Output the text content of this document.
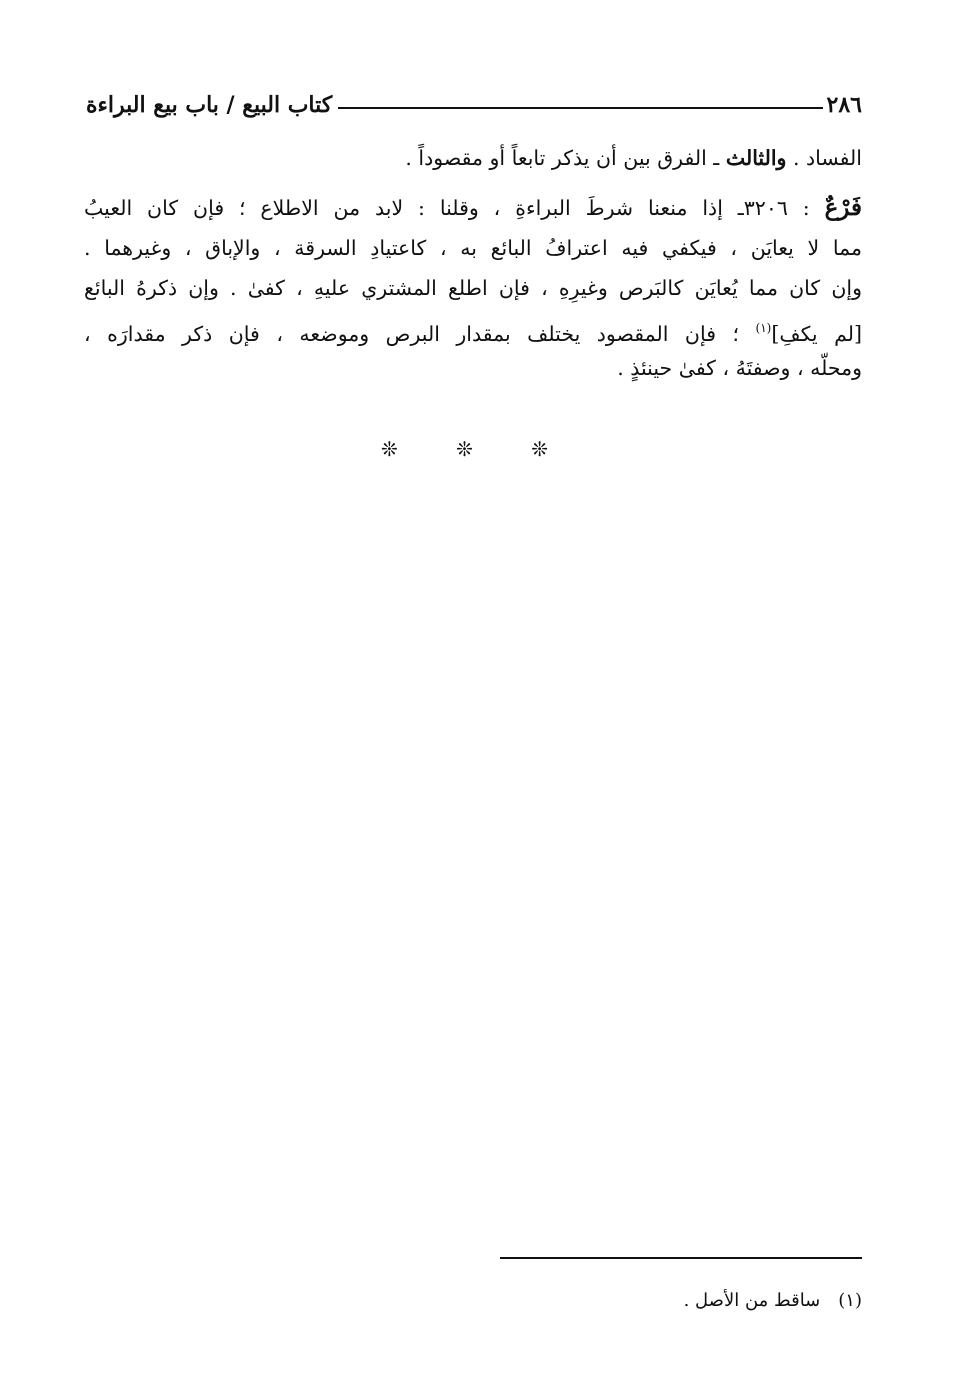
٢٨٦
كتاب البيع / باب بيع البراءة
الفساد . والثالث ـ الفرق بين أن يذكر تابعاً أو مقصوداً .
فَرْعٌ : ٣٢٠٦ـ إذا منعنا شرطَ البراءةِ ، وقلنا : لابد من الاطلاع ؛ فإن كان العيبُ
مما لا يعايَن ، فيكفي فيه اعترافُ البائع به ، كاعتيادِ السرقة ، والإباق ، وغيرهما .
وإن كان مما يُعايَن كالبَرص وغيرِهِ ، فإن اطلع المشتري عليهِ ، كفىٰ . وإن ذكرهُ البائع
[لم يكفِ]$^{(١)}$ ؛ فإن المقصود يختلف بمقدار البرص وموضعه ، فإن ذكر مقدارَه ،
ومحلّه ، وصفتَهُ ، كفىٰ حينئذٍ .
❊ ❊ ❊
(١)ساقط من الأصل .
